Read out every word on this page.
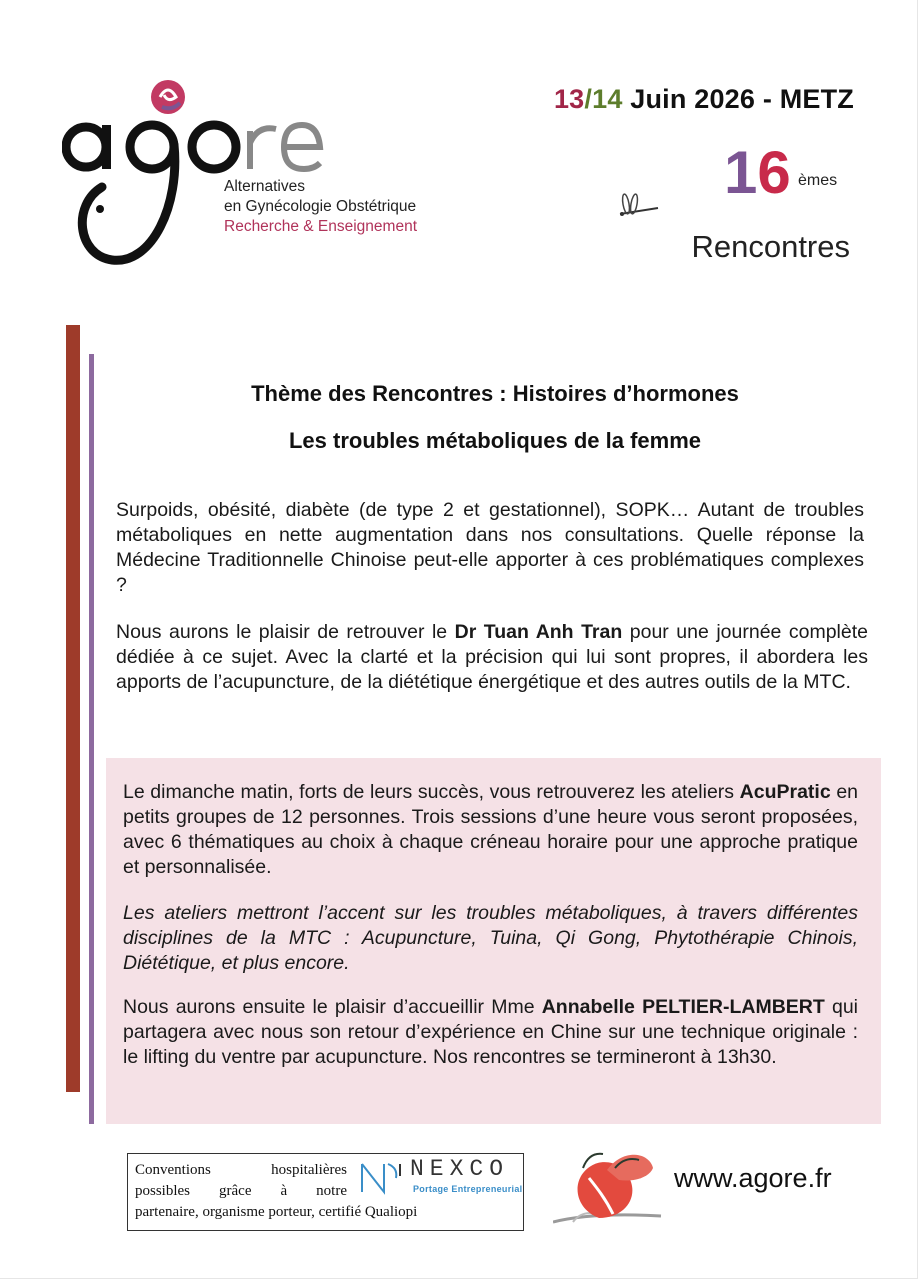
Alternatives
en Gynécologie Obstétrique
Recherche & Enseignement
13/14 Juin 2026 - METZ
16 èmes
Rencontres
Thème des Rencontres : Histoires d’hormones
Les troubles métaboliques de la femme
Surpoids, obésité, diabète (de type 2 et gestationnel), SOPK… Autant de troubles métaboliques en nette augmentation dans nos consultations. Quelle réponse la Médecine Traditionnelle Chinoise peut-elle apporter à ces problématiques complexes ?
Nous aurons le plaisir de retrouver le Dr Tuan Anh Tran pour une journée complète dédiée à ce sujet. Avec la clarté et la précision qui lui sont propres, il abordera les apports de l’acupuncture, de la diététique énergétique et des autres outils de la MTC.
Le dimanche matin, forts de leurs succès, vous retrouverez les ateliers AcuPratic en petits groupes de 12 personnes. Trois sessions d’une heure vous seront proposées, avec 6 thématiques au choix à chaque créneau horaire pour une approche pratique et personnalisée.
Les ateliers mettront l’accent sur les troubles métaboliques, à travers différentes disciplines de la MTC : Acupuncture, Tuina, Qi Gong, Phytothérapie Chinois, Diététique, et plus encore.
Nous aurons ensuite le plaisir d’accueillir Mme Annabelle PELTIER-LAMBERT qui partagera avec nous son retour d’expérience en Chine sur une technique originale : le lifting du ventre par acupuncture. Nos rencontres se termineront à 13h30.
Conventions	hospitalières
possibles grâce à notre
partenaire, organisme porteur, certifié Qualiopi
NEXCO
Portage Entrepreneurial	www.agore.fr
